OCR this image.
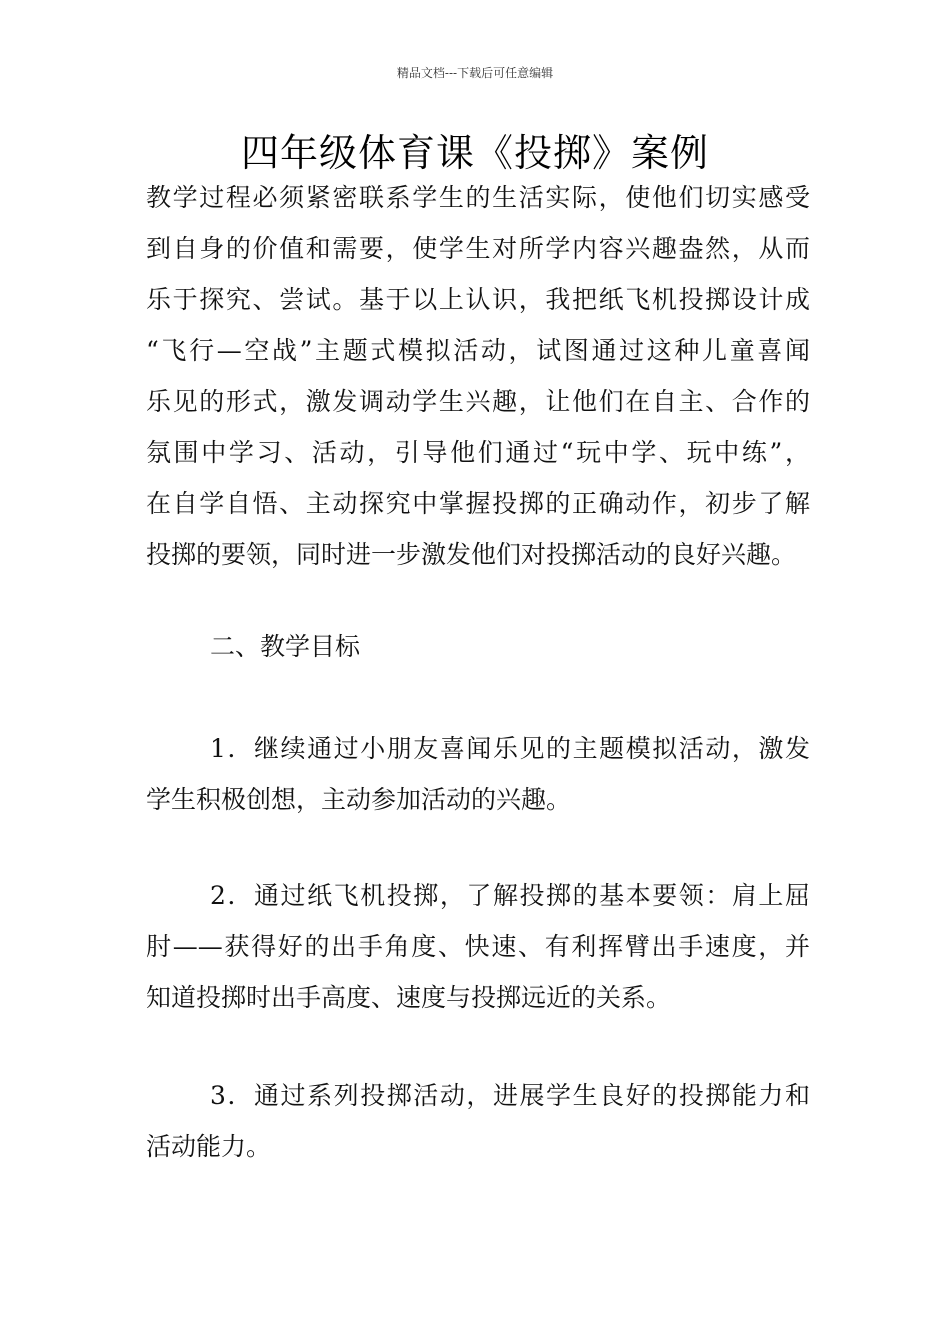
精品文档---下载后可任意编辑
四年级体育课《投掷》案例
教学过程必须紧密联系学生的生活实际，使他们切实感受
到自身的价值和需要，使学生对所学内容兴趣盎然，从而
乐于探究、尝试。基于以上认识，我把纸飞机投掷设计成
“飞行—空战”主题式模拟活动，试图通过这种儿童喜闻
乐见的形式，激发调动学生兴趣，让他们在自主、合作的
氛围中学习、活动，引导他们通过“玩中学、玩中练”，
在自学自悟、主动探究中掌握投掷的正确动作，初步了解
投掷的要领，同时进一步激发他们对投掷活动的良好兴趣。
二、教学目标
1．继续通过小朋友喜闻乐见的主题模拟活动，激发
学生积极创想，主动参加活动的兴趣。
2．通过纸飞机投掷，了解投掷的基本要领：肩上屈
肘——获得好的出手角度、快速、有利挥臂出手速度，并
知道投掷时出手高度、速度与投掷远近的关系。
3．通过系列投掷活动，进展学生良好的投掷能力和
活动能力。
